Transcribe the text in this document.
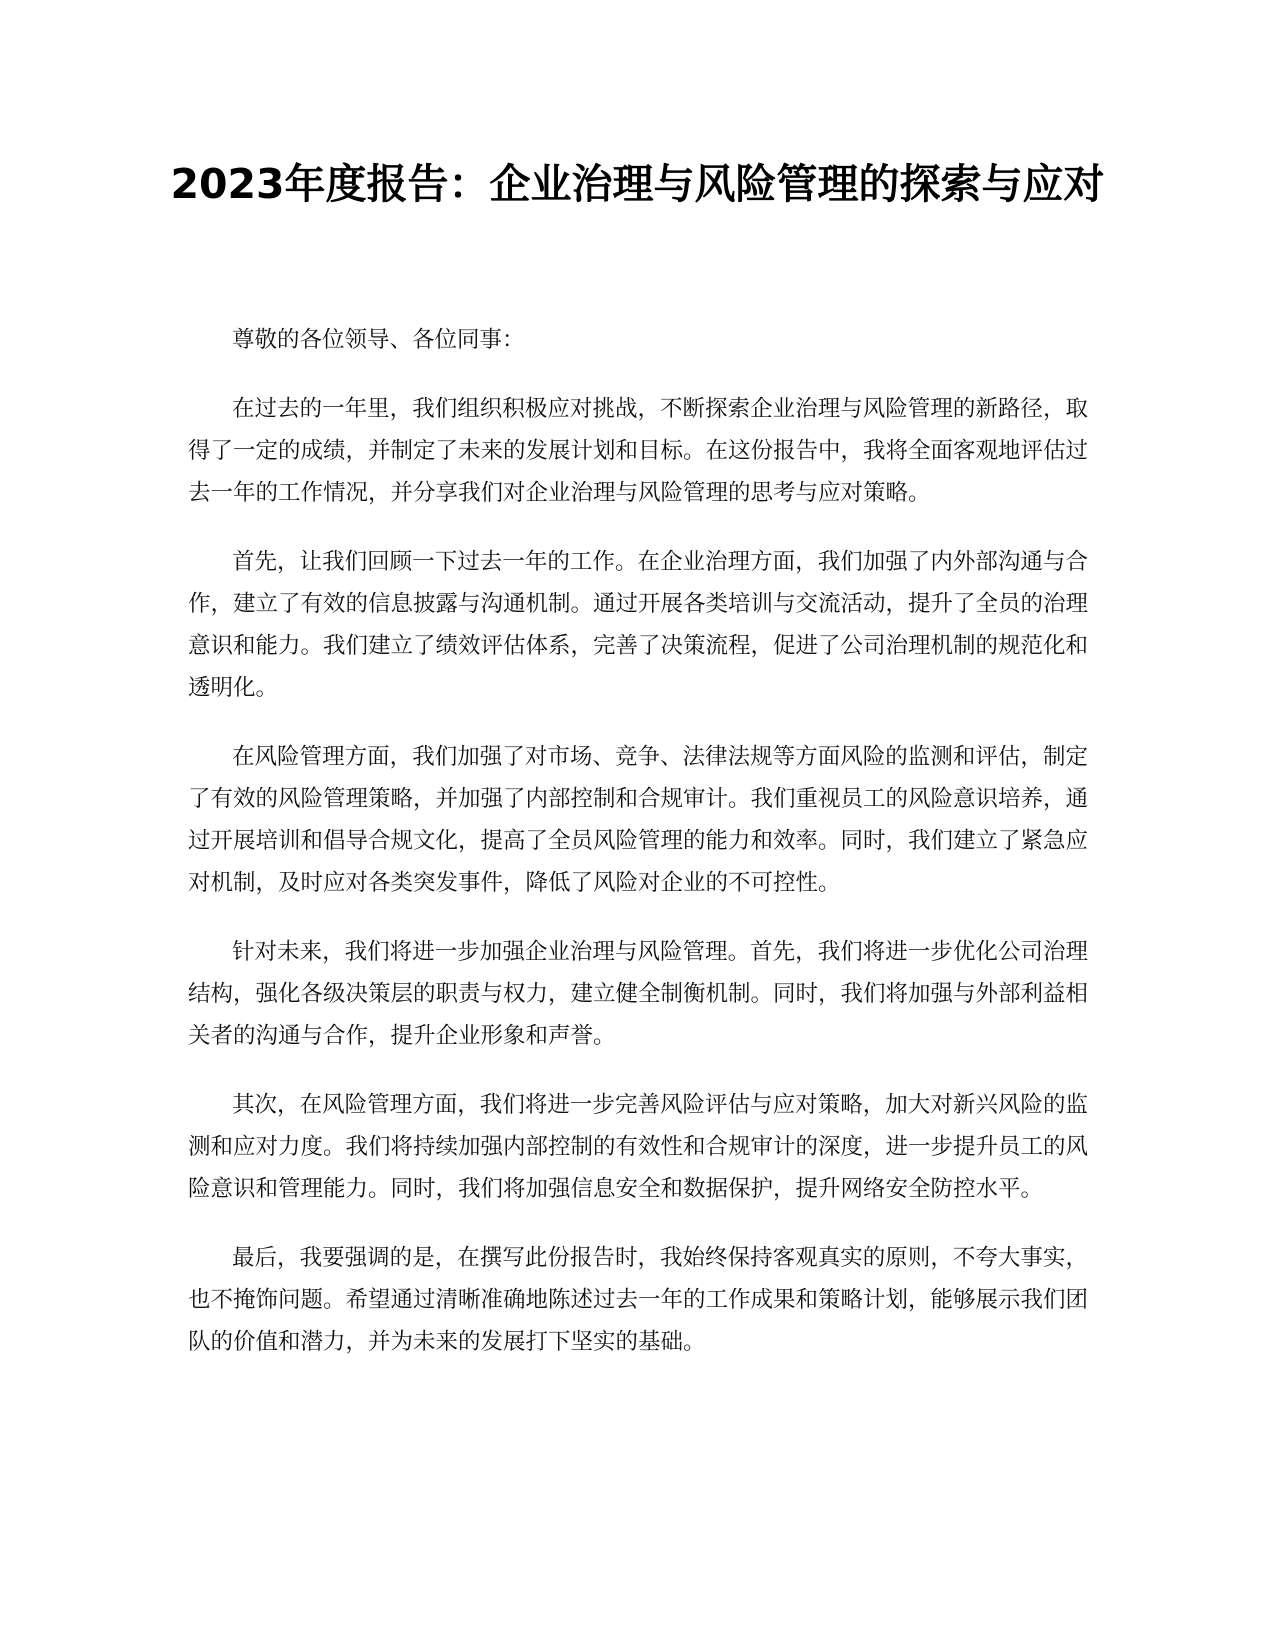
2023年度报告：企业治理与风险管理的探索与应对

尊敬的各位领导、各位同事：

在过去的一年里，我们组织积极应对挑战，不断探索企业治理与风险管理的新路径，取得了一定的成绩，并制定了未来的发展计划和目标。在这份报告中，我将全面客观地评估过去一年的工作情况，并分享我们对企业治理与风险管理的思考与应对策略。

首先，让我们回顾一下过去一年的工作。在企业治理方面，我们加强了内外部沟通与合作，建立了有效的信息披露与沟通机制。通过开展各类培训与交流活动，提升了全员的治理意识和能力。我们建立了绩效评估体系，完善了决策流程，促进了公司治理机制的规范化和透明化。

在风险管理方面，我们加强了对市场、竞争、法律法规等方面风险的监测和评估，制定了有效的风险管理策略，并加强了内部控制和合规审计。我们重视员工的风险意识培养，通过开展培训和倡导合规文化，提高了全员风险管理的能力和效率。同时，我们建立了紧急应对机制，及时应对各类突发事件，降低了风险对企业的不可控性。

针对未来，我们将进一步加强企业治理与风险管理。首先，我们将进一步优化公司治理结构，强化各级决策层的职责与权力，建立健全制衡机制。同时，我们将加强与外部利益相关者的沟通与合作，提升企业形象和声誉。

其次，在风险管理方面，我们将进一步完善风险评估与应对策略，加大对新兴风险的监测和应对力度。我们将持续加强内部控制的有效性和合规审计的深度，进一步提升员工的风险意识和管理能力。同时，我们将加强信息安全和数据保护，提升网络安全防控水平。

最后，我要强调的是，在撰写此份报告时，我始终保持客观真实的原则，不夸大事实，也不掩饰问题。希望通过清晰准确地陈述过去一年的工作成果和策略计划，能够展示我们团队的价值和潜力，并为未来的发展打下坚实的基础。
